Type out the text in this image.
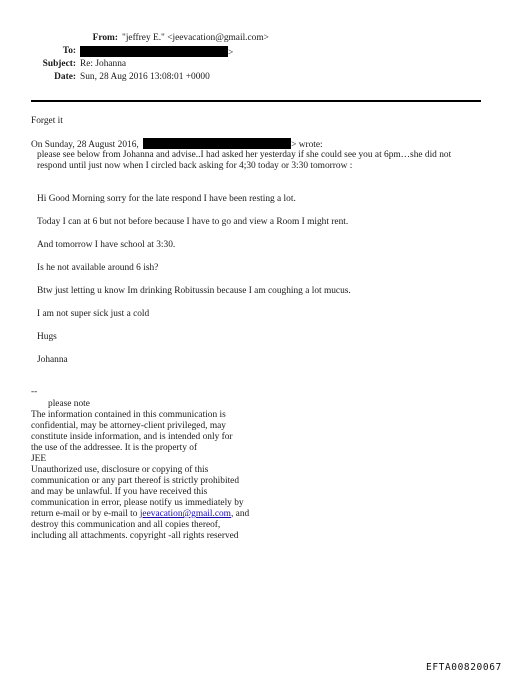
From: "jeffrey E." <jeevacation@gmail.com>
To:	>
Subject: Re: Johanna
Date: Sun, 28 Aug 2016 13:08:01 +0000
Forget it
On Sunday, 28 August 2016,	> wrote:
please see below from Johanna and advise..I had asked her yesterday if she could see you at 6pm…she did not
respond until just now when I circled back asking for 4;30 today or 3:30 tomorrow :
Hi Good Morning sorry for the late respond I have been resting a lot.
Today I can at 6 but not before because I have to go and view a Room I might rent.
And tomorrow I have school at 3:30.
Is he not available around 6 ish?
Btw just letting u know Im drinking Robitussin because I am coughing a lot mucus.
I am not super sick just a cold
Hugs
Johanna
--
please note
The information contained in this communication is
confidential, may be attorney-client privileged, may
constitute inside information, and is intended only for
the use of the addressee. It is the property of
JEE
Unauthorized use, disclosure or copying of this
communication or any part thereof is strictly prohibited
and may be unlawful. If you have received this
communication in error, please notify us immediately by
return e-mail or by e-mail to jeevacation@gmail.com, and
destroy this communication and all copies thereof,
including all attachments. copyright -all rights reserved
EFTA00820067
